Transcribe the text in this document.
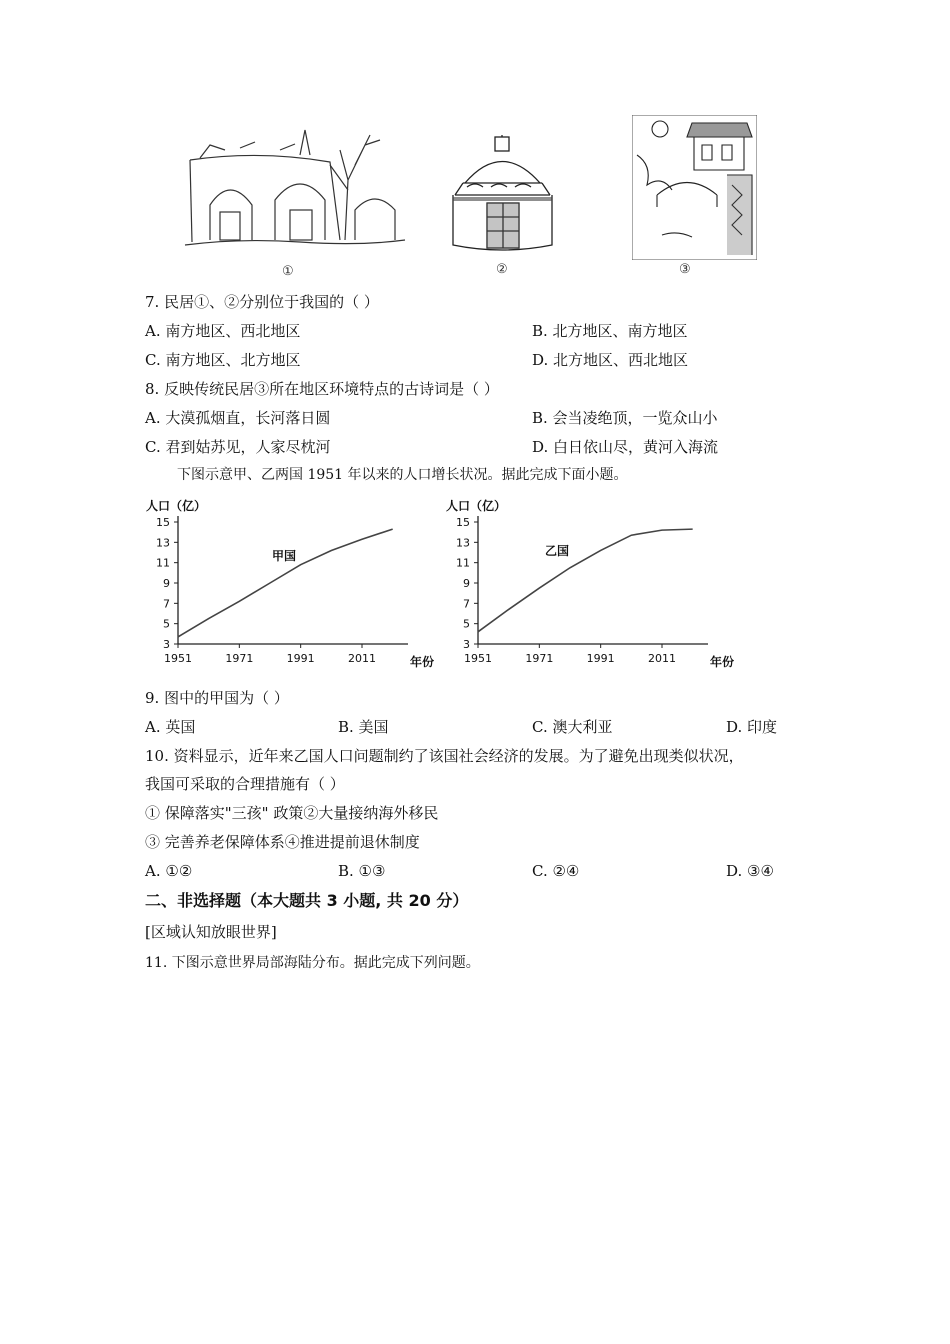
①	②	③
7. 民居①、②分别位于我国的（ ）
A. 南方地区、西北地区	B. 北方地区、南方地区
C. 南方地区、北方地区	D. 北方地区、西北地区
8. 反映传统民居③所在地区环境特点的古诗词是（ ）
A. 大漠孤烟直，长河落日圆	B. 会当凌绝顶，一览众山小
C. 君到姑苏见，人家尽枕河	D. 白日依山尽，黄河入海流
下图示意甲、乙两国 1951 年以来的人口增长状况。据此完成下面小题。
人口（亿）
年份
3
5
7
9
11
13
15
1951	1971	1991	2011
甲国
人口（亿）
年份
3
5
7
9
11
13
15
1951	1971	1991	2011
乙国
9. 图中的甲国为（ ）
A. 英国	B. 美国	C. 澳大利亚	D. 印度
10. 资料显示，近年来乙国人口问题制约了该国社会经济的发展。为了避免出现类似状况，
我国可采取的合理措施有（ ）
① 保障落实"三孩" 政策②大量接纳海外移民
③ 完善养老保障体系④推进提前退休制度
A. ①②	B. ①③	C. ②④	D. ③④
二、非选择题（本大题共 3 小题, 共 20 分）
[区域认知放眼世界]
11. 下图示意世界局部海陆分布。据此完成下列问题。
